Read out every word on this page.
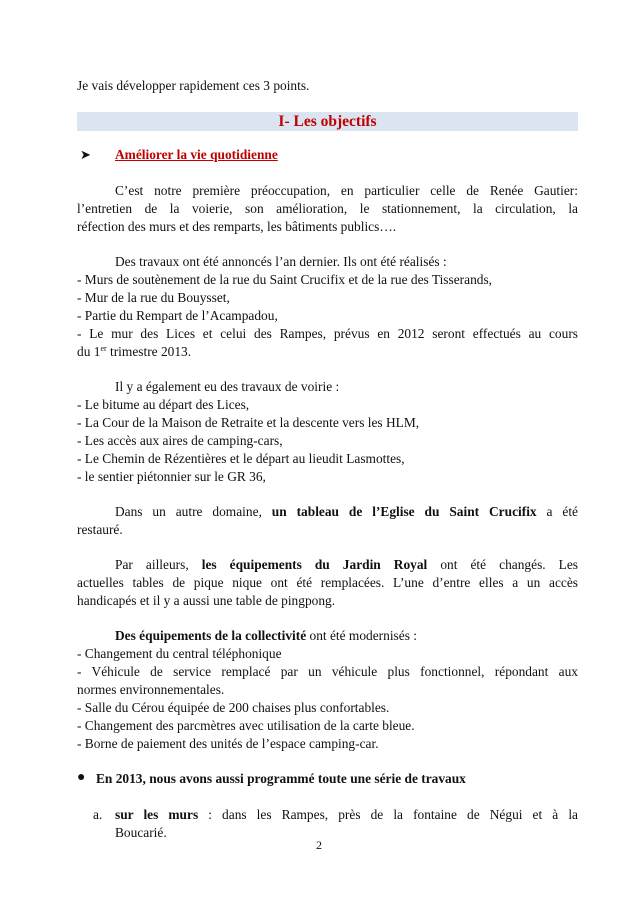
Je vais développer rapidement ces 3 points.
I- Les objectifs
➤ Améliorer la vie quotidienne
C’est notre première préoccupation, en particulier celle de Renée Gautier:
l’entretien de la voierie, son amélioration, le stationnement, la circulation, la
réfection des murs et des remparts, les bâtiments publics….
Des travaux ont été annoncés l’an dernier. Ils ont été réalisés :
- Murs de soutènement de la rue du Saint Crucifix et de la rue des Tisserands,
- Mur de la rue du Bouysset,
- Partie du Rempart de l’Acampadou,
- Le mur des Lices et celui des Rampes, prévus en 2012 seront effectués au cours
du 1er trimestre 2013.
Il y a également eu des travaux de voirie :
- Le bitume au départ des Lices,
- La Cour de la Maison de Retraite et la descente vers les HLM,
- Les accès aux aires de camping-cars,
- Le Chemin de Rézentières et le départ au lieudit Lasmottes,
- le sentier piétonnier sur le GR 36,
Dans un autre domaine, un tableau de l’Eglise du Saint Crucifix a été
restauré.
Par ailleurs, les équipements du Jardin Royal ont été changés. Les
actuelles tables de pique nique ont été remplacées. L’une d’entre elles a un accès
handicapés et il y a aussi une table de pingpong.
Des équipements de la collectivité ont été modernisés :
- Changement du central téléphonique
- Véhicule de service remplacé par un véhicule plus fonctionnel, répondant aux
normes environnementales.
- Salle du Cérou équipée de 200 chaises plus confortables.
- Changement des parcmètres avec utilisation de la carte bleue.
- Borne de paiement des unités de l’espace camping-car.
● En 2013, nous avons aussi programmé toute une série de travaux
a. sur les murs : dans les Rampes, près de la fontaine de Négui et à la
Boucarié.
2
